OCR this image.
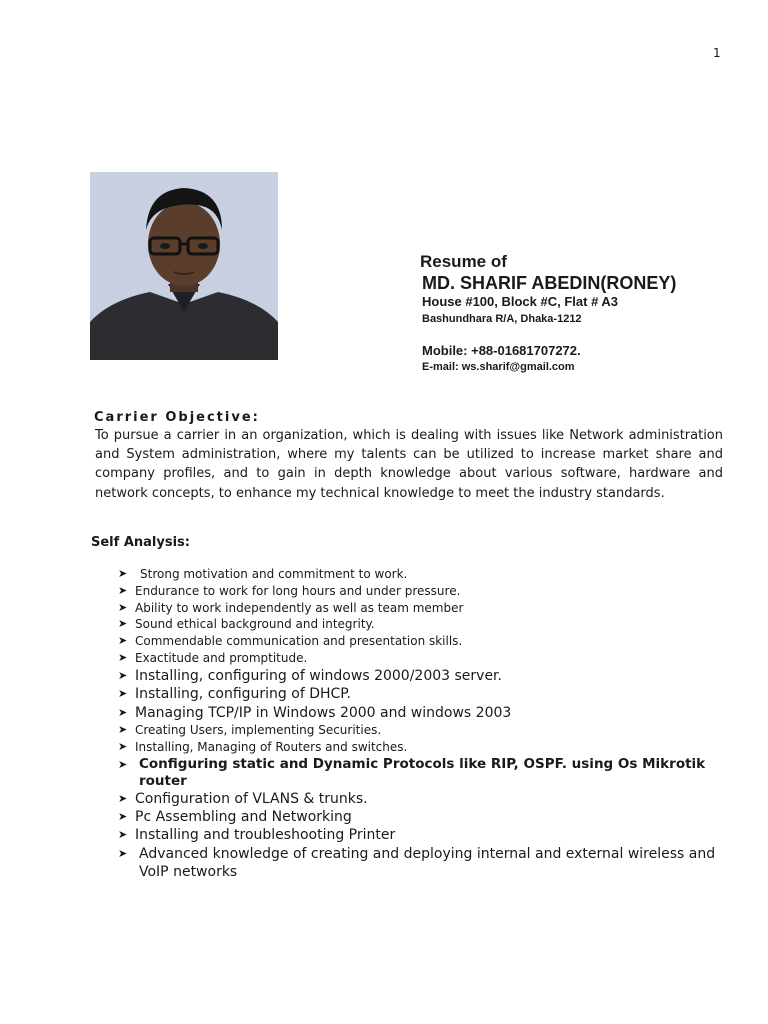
1
Resume of
MD. SHARIF ABEDIN(RONEY)
House #100, Block #C, Flat # A3
Bashundhara R/A, Dhaka-1212
Mobile: +88-01681707272.
E-mail: ws.sharif@gmail.com
Carrier Objective:
To pursue a carrier in an organization, which is dealing with issues like Network administration and System administration, where my talents can be utilized to increase market share and company profiles, and to gain in depth knowledge about various software, hardware and network concepts, to enhance my technical knowledge to meet the industry standards.
Self Analysis:
➤ Strong motivation and commitment to work.
➤ Endurance to work for long hours and under pressure.
➤ Ability to work independently as well as team member
➤ Sound ethical background and integrity.
➤ Commendable communication and presentation skills.
➤ Exactitude and promptitude.
➤ Installing, configuring of windows 2000/2003 server.
➤ Installing, configuring of DHCP.
➤ Managing TCP/IP in Windows 2000 and windows 2003
➤ Creating Users, implementing Securities.
➤ Installing, Managing of Routers and switches.
➤ Configuring static and Dynamic Protocols like RIP, OSPF. using Os Mikrotik router
➤ Configuration of VLANS & trunks.
➤ Pc Assembling and Networking
➤ Installing and troubleshooting Printer
➤ Advanced knowledge of creating and deploying internal and external wireless and VoIP networks
